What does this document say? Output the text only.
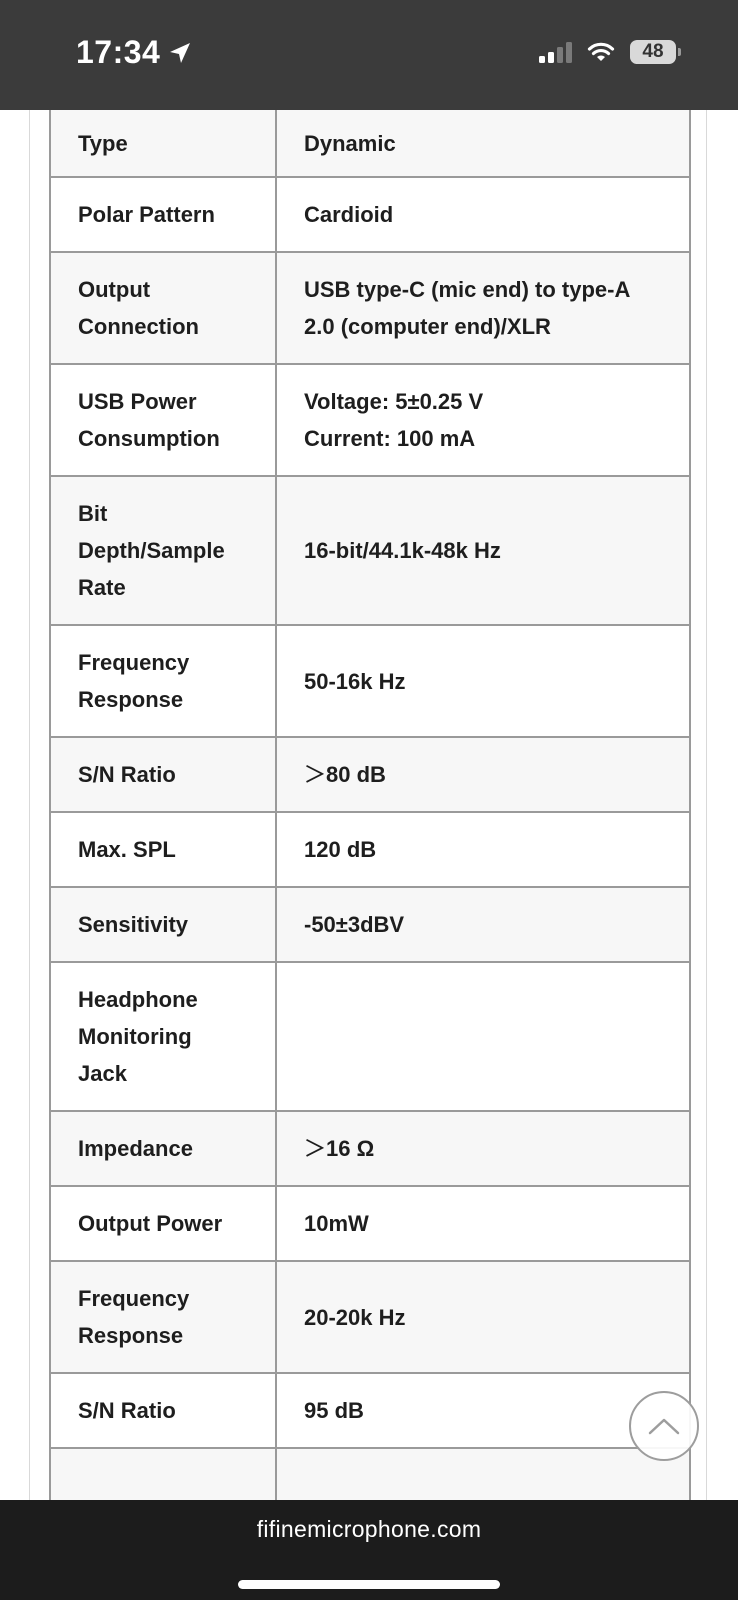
17:34	48
Type	Dynamic
Polar Pattern	Cardioid
Output Connection	USB type-C (mic end) to type-A 2.0 (computer end)/XLR
USB Power Consumption	Voltage: 5±0.25 V Current: 100 mA
Bit Depth/Sample Rate	16-bit/44.1k-48k Hz
Frequency Response	50-16k Hz
S/N Ratio	＞80 dB
Max. SPL	120 dB
Sensitivity	-50±3dBV
Headphone Monitoring Jack	
Impedance	＞16 Ω
Output Power	10mW
Frequency Response	20-20k Hz
S/N Ratio	95 dB

fifinemicrophone.com
